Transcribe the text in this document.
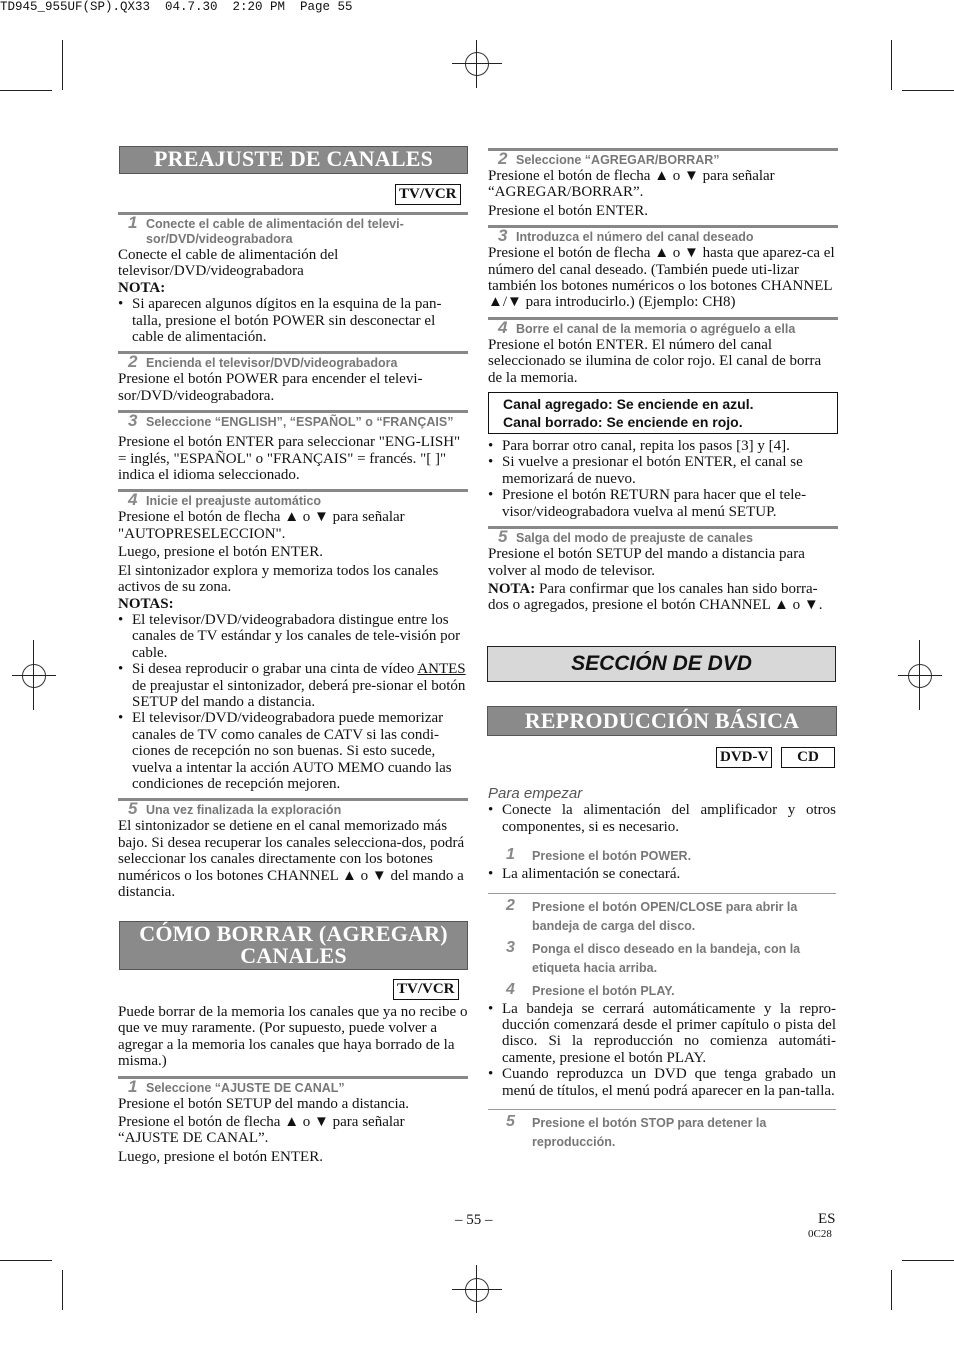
TD945_955UF(SP).QX33  04.7.30  2:20 PM  Page 55
PREAJUSTE DE CANALES
TV/VCR
1 Conecte el cable de alimentación del televi-sor/DVD/videograbadora

Conecte el cable de alimentación del televisor/DVD/videograbadora

NOTA:

• Si aparecen algunos dígitos en la esquina de la pan-talla, presione el botón POWER sin desconectar el cable de alimentación.
2 Encienda el televisor/DVD/videograbadora

Presione el botón POWER para encender el televi-sor/DVD/videograbadora.

3 Seleccione “ENGLISH”, “ESPAÑOL” o “FRANÇAIS”

Presione el botón ENTER para seleccionar "ENG-LISH" = inglés, "ESPAÑOL" o "FRANÇAIS" = francés. "[ ]" indica el idioma seleccionado.

4 Inicie el preajuste automático

Presione el botón de flecha ▲ o ▼ para señalar "AUTOPRESELECCION".

Luego, presione el botón ENTER.

El sintonizador explora y memoriza todos los canales activos de su zona.

NOTAS:

• El televisor/DVD/videograbadora distingue entre los canales de TV estándar y los canales de tele-visión por cable.
• Si desea reproducir o grabar una cinta de vídeo ANTES de preajustar el sintonizador, deberá pre-sionar el botón SETUP del mando a distancia.
• El televisor/DVD/videograbadora puede memorizar canales de TV como canales de CATV si las condi-ciones de recepción no son buenas. Si esto sucede, vuelva a intentar la acción AUTO MEMO cuando las condiciones de recepción mejoren.
5 Una vez finalizada la exploración

El sintonizador se detiene en el canal memorizado más bajo. Si desea recuperar los canales selecciona-dos, podrá seleccionar los canales directamente con los botones numéricos o los botones CHANNEL ▲ o ▼ del mando a distancia.

CÓMO BORRAR (AGREGAR)
CANALES
TV/VCR

Puede borrar de la memoria los canales que ya no recibe o que ve muy raramente. (Por supuesto, puede volver a agregar a la memoria los canales que haya borrado de la misma.)

1 Seleccione “AJUSTE DE CANAL”

Presione el botón SETUP del mando a distancia.

Presione el botón de flecha ▲ o ▼ para señalar “AJUSTE DE CANAL”.

Luego, presione el botón ENTER.

2 Seleccione “AGREGAR/BORRAR”

Presione el botón de flecha ▲ o ▼ para señalar “AGREGAR/BORRAR”.

Presione el botón ENTER.

3 Introduzca el número del canal deseado

Presione el botón de flecha ▲ o ▼ hasta que aparez-ca el número del canal deseado. (También puede uti-lizar también los botones numéricos o los botones CHANNEL ▲/▼ para introducirlo.) (Ejemplo: CH8)

4 Borre el canal de la memoria o agréguelo a ella

Presione el botón ENTER. El número del canal seleccionado se ilumina de color rojo. El canal de borra de la memoria.

Canal agregado: Se enciende en azul.
Canal borrado: Se enciende en rojo.
• Para borrar otro canal, repita los pasos [3] y [4].
• Si vuelve a presionar el botón ENTER, el canal se memorizará de nuevo.
• Presione el botón RETURN para hacer que el tele-visor/videograbadora vuelva al menú SETUP.
5 Salga del modo de preajuste de canales

Presione el botón SETUP del mando a distancia para volver al modo de televisor.

NOTA: Para confirmar que los canales han sido borra-dos o agregados, presione el botón CHANNEL ▲ o ▼.

SECCIÓN DE DVD
REPRODUCCIÓN BÁSICA
DVD-V	CD

Para empezar

• Conecte la alimentación del amplificador y otros componentes, si es necesario.
1 Presione el botón POWER.
• La alimentación se conectará.
2 Presione el botón OPEN/CLOSE para abrir la bandeja de carga del disco.
3 Ponga el disco deseado en la bandeja, con la etiqueta hacia arriba.
4 Presione el botón PLAY.
• La bandeja se cerrará automáticamente y la repro-ducción comenzará desde el primer capítulo o pista del disco. Si la reproducción no comienza automáti-camente, presione el botón PLAY.
• Cuando reproduzca un DVD que tenga grabado un menú de títulos, el menú podrá aparecer en la pan-talla.
5 Presione el botón STOP para detener la reproducción.
– 55 –	ES
0C28
